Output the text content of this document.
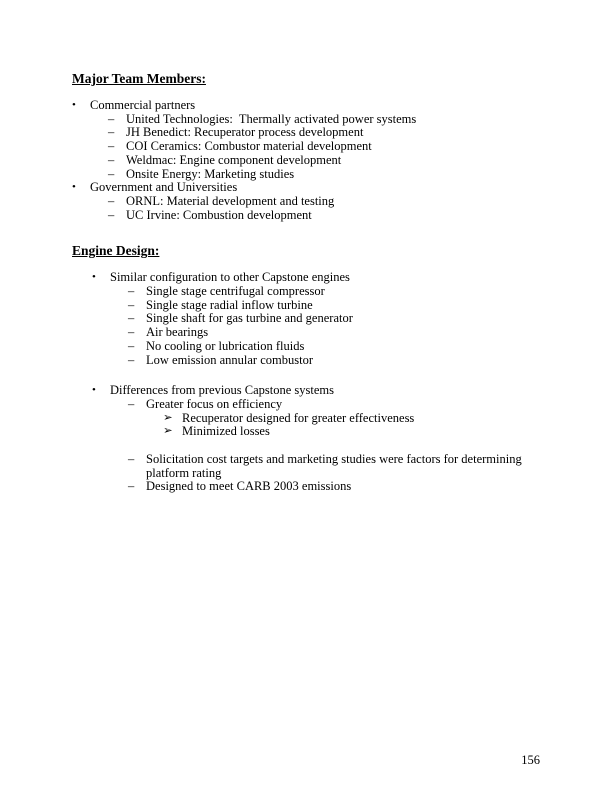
Major Team Members:
•	Commercial partners
– United Technologies:  Thermally activated power systems
– JH Benedict: Recuperator process development
– COI Ceramics: Combustor material development
– Weldmac: Engine component development
– Onsite Energy: Marketing studies
•	Government and Universities
– ORNL: Material development and testing
– UC Irvine: Combustion development
Engine Design:
•	Similar configuration to other Capstone engines
– Single stage centrifugal compressor
– Single stage radial inflow turbine
– Single shaft for gas turbine and generator
– Air bearings
– No cooling or lubrication fluids
– Low emission annular combustor
•	Differences from previous Capstone systems
– Greater focus on efficiency
➢ Recuperator designed for greater effectiveness
➢ Minimized losses
– Solicitation cost targets and marketing studies were factors for determining platform rating
– Designed to meet CARB 2003 emissions
156
